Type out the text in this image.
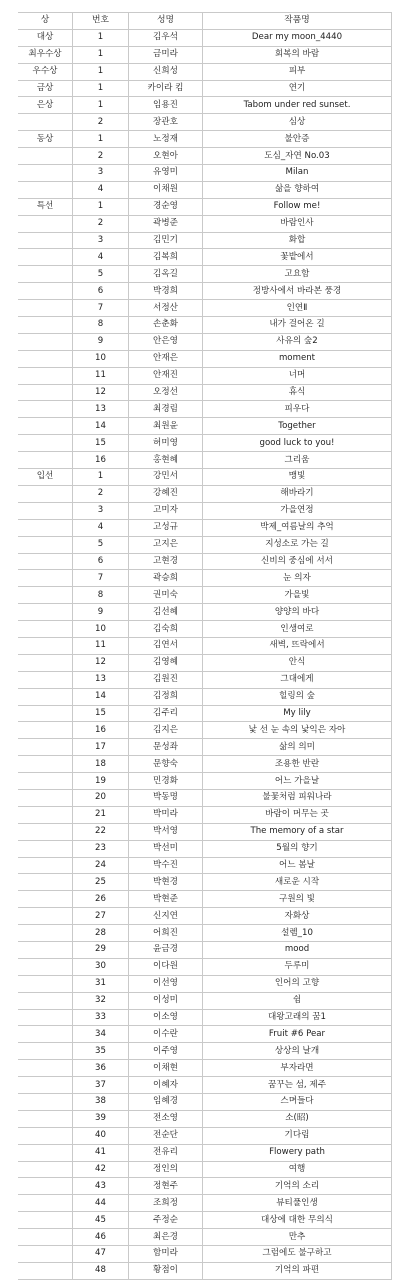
상	번호	성명	작품명
대상	1	김우석	Dear my moon_4440
최우수상	1	금미라	회복의 바람
우수상	1	신희성	피부
금상	1	카이라 킴	연기
은상	1	임용진	Tabom under red sunset.
	2	장관호	심상
동상	1	노정재	불안증
	2	오현아	도심_자연 No.03
	3	유영미	Milan
	4	이채원	삶을 향하여
특선	1	경순영	Follow me!
	2	곽병준	바람인사
	3	김민기	화합
	4	김복희	꽃밭에서
	5	김옥길	고요함
	6	박경희	정방사에서 바라본 풍경
	7	서정산	인연Ⅱ
	8	손춘화	내가 걸어온 길
	9	안은영	사유의 숲2
	10	안재은	moment
	11	안재진	너머
	12	오정선	휴식
	13	최경림	피우다
	14	최원윤	Together
	15	허미영	good luck to you!
	16	홍현혜	그리움
입선	1	강민서	맹빛
	2	강혜진	해바라기
	3	고미자	가을연정
	4	고성규	박제_여름날의 추억
	5	고지은	지성소로 가는 길
	6	고현경	신비의 중심에 서서
	7	곽승희	눈 의자
	8	권미숙	가을빛
	9	김선혜	양양의 바다
	10	김숙희	인생여로
	11	김연서	새벽, 뜨락에서
	12	김영혜	안식
	13	김원진	그대에게
	14	김정희	힐링의 숲
	15	김주리	My lily
	16	김지은	낯 선 눈 속의 낯익은 자아
	17	문성좌	삶의 의미
	18	문향숙	조용한 반란
	19	민경화	어느 가을날
	20	박동명	불꽃처럼 피워나라
	21	박미라	바람이 머무는 곳
	22	박서영	The memory of a star
	23	박선미	5월의 향기
	24	박수진	어느 봄날
	25	박현경	새로운 시작
	26	박현준	구원의 빛
	27	신지연	자화상
	28	어희진	설렘_10
	29	윤금경	mood
	30	이다원	두루미
	31	이선영	인어의 고향
	32	이성미	쉼
	33	이소영	대왕고래의 꿈1
	34	이수란	Fruit #6 Pear
	35	이주영	상상의 날개
	36	이채현	부자라면
	37	이혜자	꿈꾸는 섬, 제주
	38	임혜경	스며들다
	39	전소영	소(昭)
	40	전순단	기다림
	41	전유리	Flowery path
	42	정인의	여행
	43	정현주	기억의 소리
	44	조희정	뷰티풀인생
	45	주정순	대상에 대한 무의식
	46	최은경	만추
	47	함미라	그럼에도 불구하고
	48	황점이	기억의 파편
